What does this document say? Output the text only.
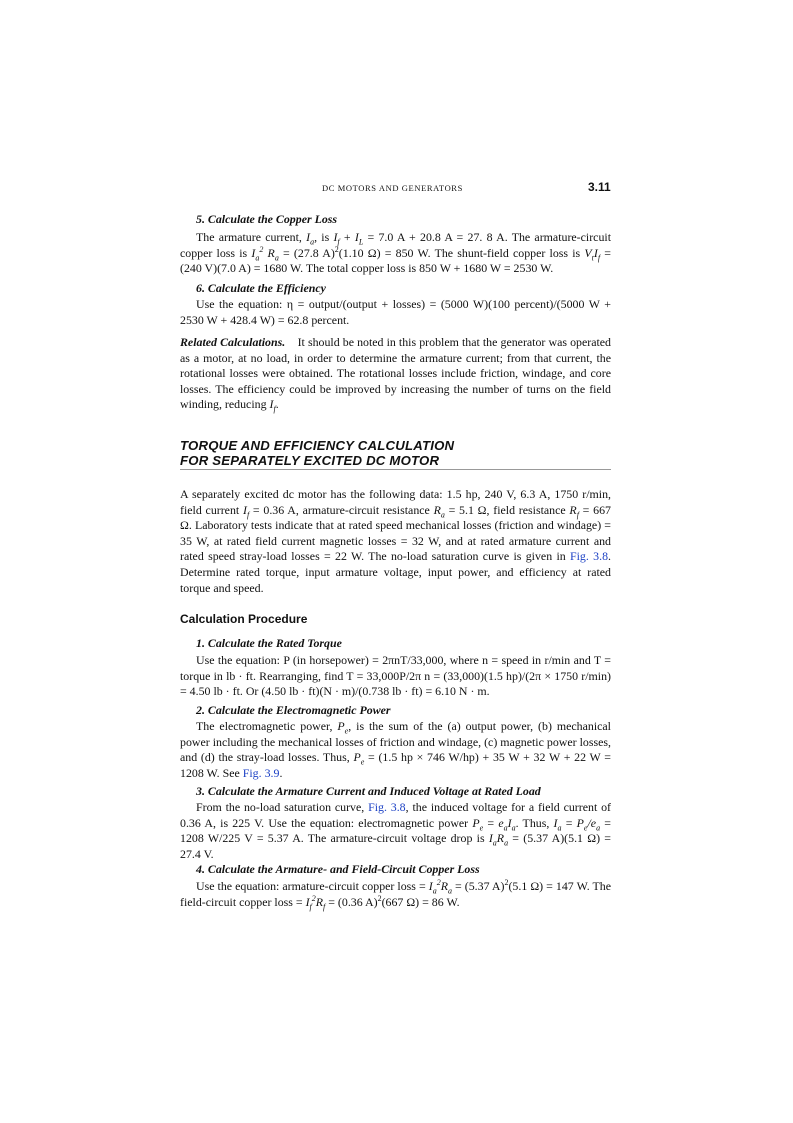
DC MOTORS AND GENERATORS	3.11
5. Calculate the Copper Loss
The armature current, $I_a$, is $I_f + I_L = 7.0$ A + 20.8 A = 27. 8 A. The armature-circuit copper loss is $I_a^2$ $R_a = (27.8$ A)$^2$(1.10 Ω) = 850 W. The shunt-field copper loss is $V_tI_f = (240$ V)(7.0 A) = 1680 W. The total copper loss is 850 W + 1680 W = 2530 W.
6. Calculate the Efficiency
Use the equation: η = output/(output + losses) = (5000 W)(100 percent)/(5000 W + 2530 W + 428.4 W) = 62.8 percent.
Related Calculations. It should be noted in this problem that the generator was operated as a motor, at no load, in order to determine the armature current; from that current, the rotational losses were obtained. The rotational losses include friction, windage, and core losses. The efficiency could be improved by increasing the number of turns on the field winding, reducing $I_f$.
TORQUE AND EFFICIENCY CALCULATION
FOR SEPARATELY EXCITED DC MOTOR
A separately excited dc motor has the following data: 1.5 hp, 240 V, 6.3 A, 1750 r/min, field current $I_f = 0.36$ A, armature-circuit resistance $R_a = 5.1$ Ω, field resistance $R_f = 667$ Ω. Laboratory tests indicate that at rated speed mechanical losses (friction and windage) = 35 W, at rated field current magnetic losses = 32 W, and at rated armature current and rated speed stray-load losses = 22 W. The no-load saturation curve is given in Fig. 3.8. Determine rated torque, input armature voltage, input power, and efficiency at rated torque and speed.
Calculation Procedure
1. Calculate the Rated Torque
Use the equation: P (in horsepower) = 2πnT/33,000, where n = speed in r/min and T = torque in lb · ft. Rearranging, find T = 33,000P/2π n = (33,000)(1.5 hp)/(2π × 1750 r/min) = 4.50 lb · ft. Or (4.50 lb · ft)(N · m)/(0.738 lb · ft) = 6.10 N · m.
2. Calculate the Electromagnetic Power
The electromagnetic power, $P_e$, is the sum of the (a) output power, (b) mechanical power including the mechanical losses of friction and windage, (c) magnetic power losses, and (d) the stray-load losses. Thus, $P_e = (1.5$ hp × 746 W/hp) + 35 W + 32 W + 22 W = 1208 W. See Fig. 3.9.
3. Calculate the Armature Current and Induced Voltage at Rated Load
From the no-load saturation curve, Fig. 3.8, the induced voltage for a field current of 0.36 A, is 225 V. Use the equation: electromagnetic power $P_e = e_aI_a$. Thus, $I_a = P_e/e_a = 1208$ W/225 V = 5.37 A. The armature-circuit voltage drop is $I_aR_a = (5.37$ A)(5.1 Ω) = 27.4 V.
4. Calculate the Armature- and Field-Circuit Copper Loss
Use the equation: armature-circuit copper loss = $I_a^2R_a = (5.37$ A)$^2$(5.1 Ω) = 147 W. The field-circuit copper loss = $I_f^2R_f = (0.36$ A)$^2$(667 Ω) = 86 W.
